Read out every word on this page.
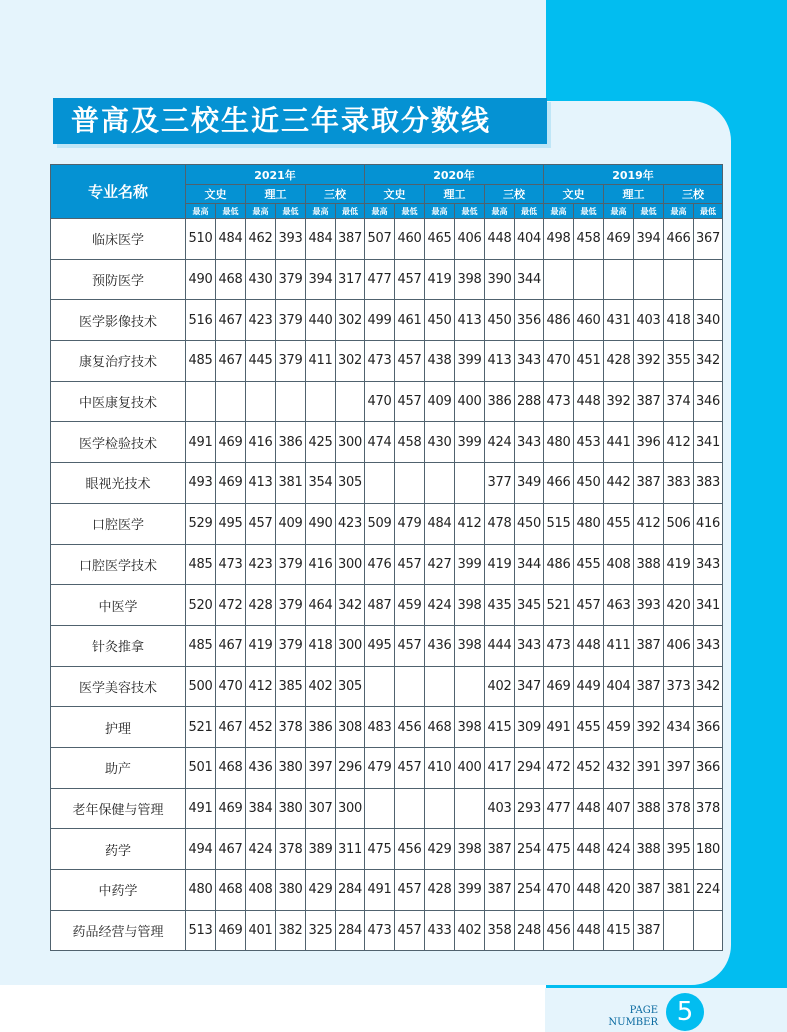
普高及三校生近三年录取分数线
专业名称	2021年						2020年						2019年					
	文史		理工		三校		文史		理工		三校		文史		理工		三校	
	最高	最低	最高	最低	最高	最低	最高	最低	最高	最低	最高	最低	最高	最低	最高	最低	最高	最低
临床医学	510	484	462	393	484	387	507	460	465	406	448	404	498	458	469	394	466	367
预防医学	490	468	430	379	394	317	477	457	419	398	390	344						
医学影像技术	516	467	423	379	440	302	499	461	450	413	450	356	486	460	431	403	418	340
康复治疗技术	485	467	445	379	411	302	473	457	438	399	413	343	470	451	428	392	355	342
中医康复技术							470	457	409	400	386	288	473	448	392	387	374	346
医学检验技术	491	469	416	386	425	300	474	458	430	399	424	343	480	453	441	396	412	341
眼视光技术	493	469	413	381	354	305					377	349	466	450	442	387	383	383
口腔医学	529	495	457	409	490	423	509	479	484	412	478	450	515	480	455	412	506	416
口腔医学技术	485	473	423	379	416	300	476	457	427	399	419	344	486	455	408	388	419	343
中医学	520	472	428	379	464	342	487	459	424	398	435	345	521	457	463	393	420	341
针灸推拿	485	467	419	379	418	300	495	457	436	398	444	343	473	448	411	387	406	343
医学美容技术	500	470	412	385	402	305					402	347	469	449	404	387	373	342
护理	521	467	452	378	386	308	483	456	468	398	415	309	491	455	459	392	434	366
助产	501	468	436	380	397	296	479	457	410	400	417	294	472	452	432	391	397	366
老年保健与管理	491	469	384	380	307	300					403	293	477	448	407	388	378	378
药学	494	467	424	378	389	311	475	456	429	398	387	254	475	448	424	388	395	180
中药学	480	468	408	380	429	284	491	457	428	399	387	254	470	448	420	387	381	224
药品经营与管理	513	469	401	382	325	284	473	457	433	402	358	248	456	448	415	387		
PAGE
NUMBER 5
